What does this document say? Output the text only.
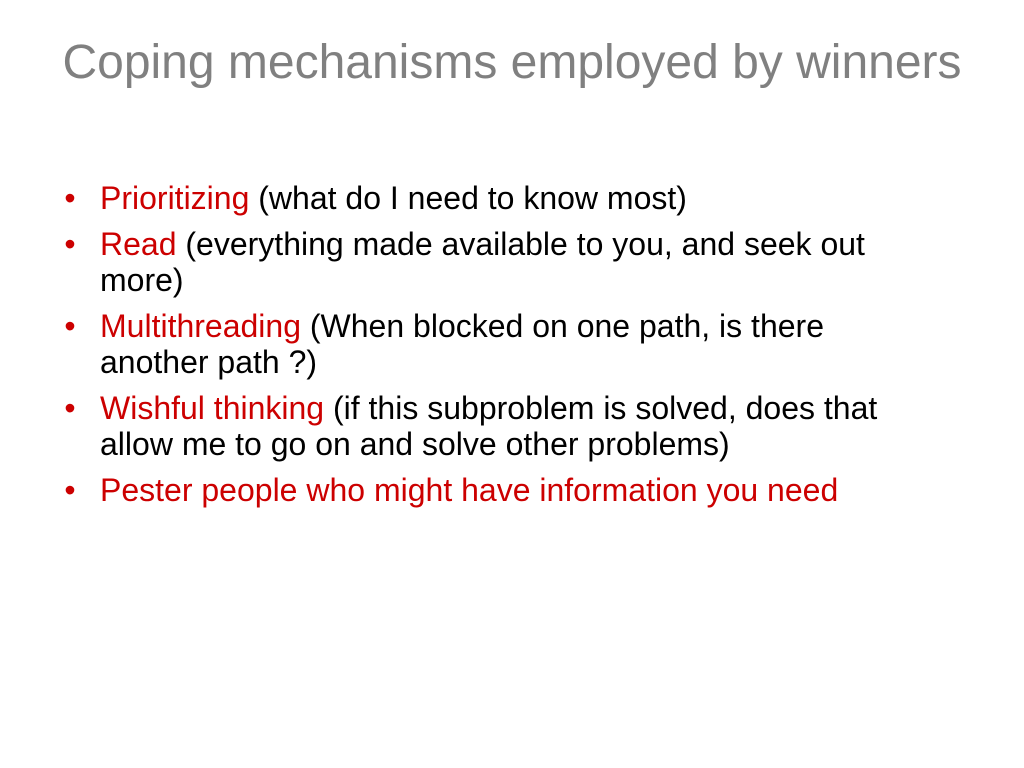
Coping mechanisms employed by winners
• Prioritizing (what do I need to know most)
• Read (everything made available to you, and seek out more)
• Multithreading (When blocked on one path, is there another path ?)
• Wishful thinking (if this subproblem is solved, does that allow me to go on and solve other problems)
• Pester people who might have information you need
